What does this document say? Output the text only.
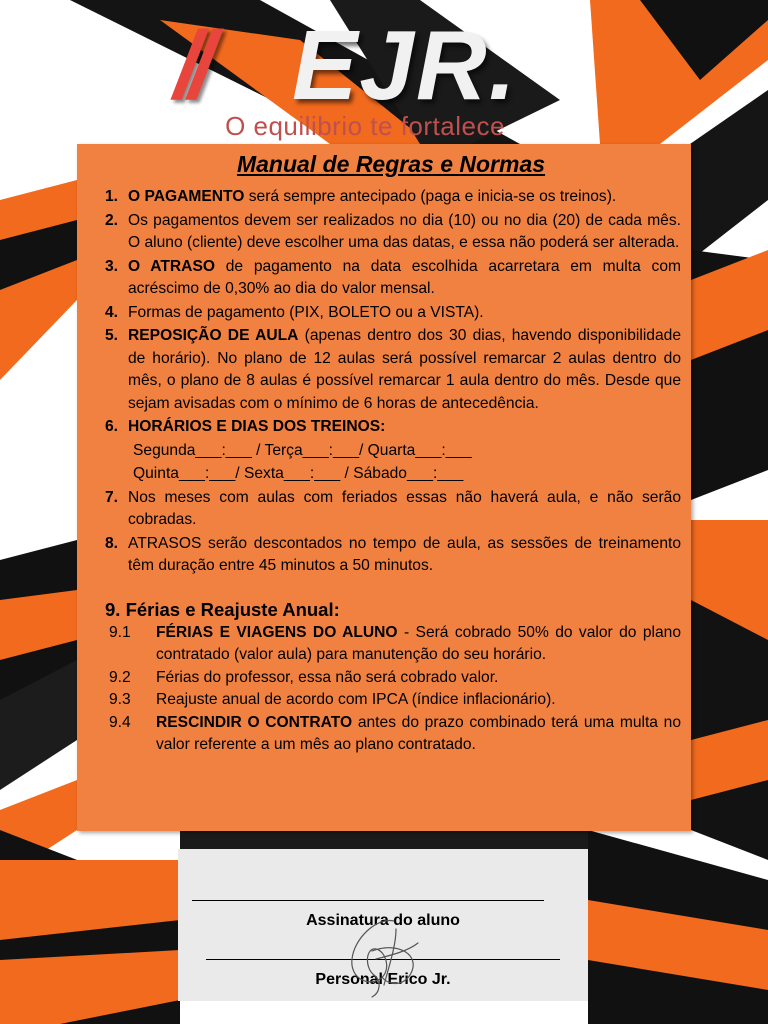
// EJR.
O equilibrio te fortalece
Manual de Regras e Normas
1. O PAGAMENTO será sempre antecipado (paga e inicia-se os treinos).
2. Os pagamentos devem ser realizados no dia (10) ou no dia (20) de cada mês. O aluno (cliente) deve escolher uma das datas, e essa não poderá ser alterada.
3. O ATRASO de pagamento na data escolhida acarretara em multa com acréscimo de 0,30% ao dia do valor mensal.
4. Formas de pagamento (PIX, BOLETO ou a VISTA).
5. REPOSIÇÃO DE AULA (apenas dentro dos 30 dias, havendo disponibilidade de horário). No plano de 12 aulas será possível remarcar 2 aulas dentro do mês, o plano de 8 aulas é possível remarcar 1 aula dentro do mês. Desde que sejam avisadas com o mínimo de 6 horas de antecedência.
6. HORÁRIOS E DIAS DOS TREINOS:
Segunda___:___ / Terça___:___/ Quarta___:___
Quinta___:___/ Sexta___:___ / Sábado___:___
7. Nos meses com aulas com feriados essas não haverá aula, e não serão cobradas.
8. ATRASOS serão descontados no tempo de aula, as sessões de treinamento têm duração entre 45 minutos a 50 minutos.
9. Férias e Reajuste Anual:
9.1 FÉRIAS E VIAGENS DO ALUNO - Será cobrado 50% do valor do plano contratado (valor aula) para manutenção do seu horário.
9.2 Férias do professor, essa não será cobrado valor.
9.3 Reajuste anual de acordo com IPCA (índice inflacionário).
9.4 RESCINDIR O CONTRATO antes do prazo combinado terá uma multa no valor referente a um mês ao plano contratado.
Assinatura do aluno
Personal Erico Jr.
